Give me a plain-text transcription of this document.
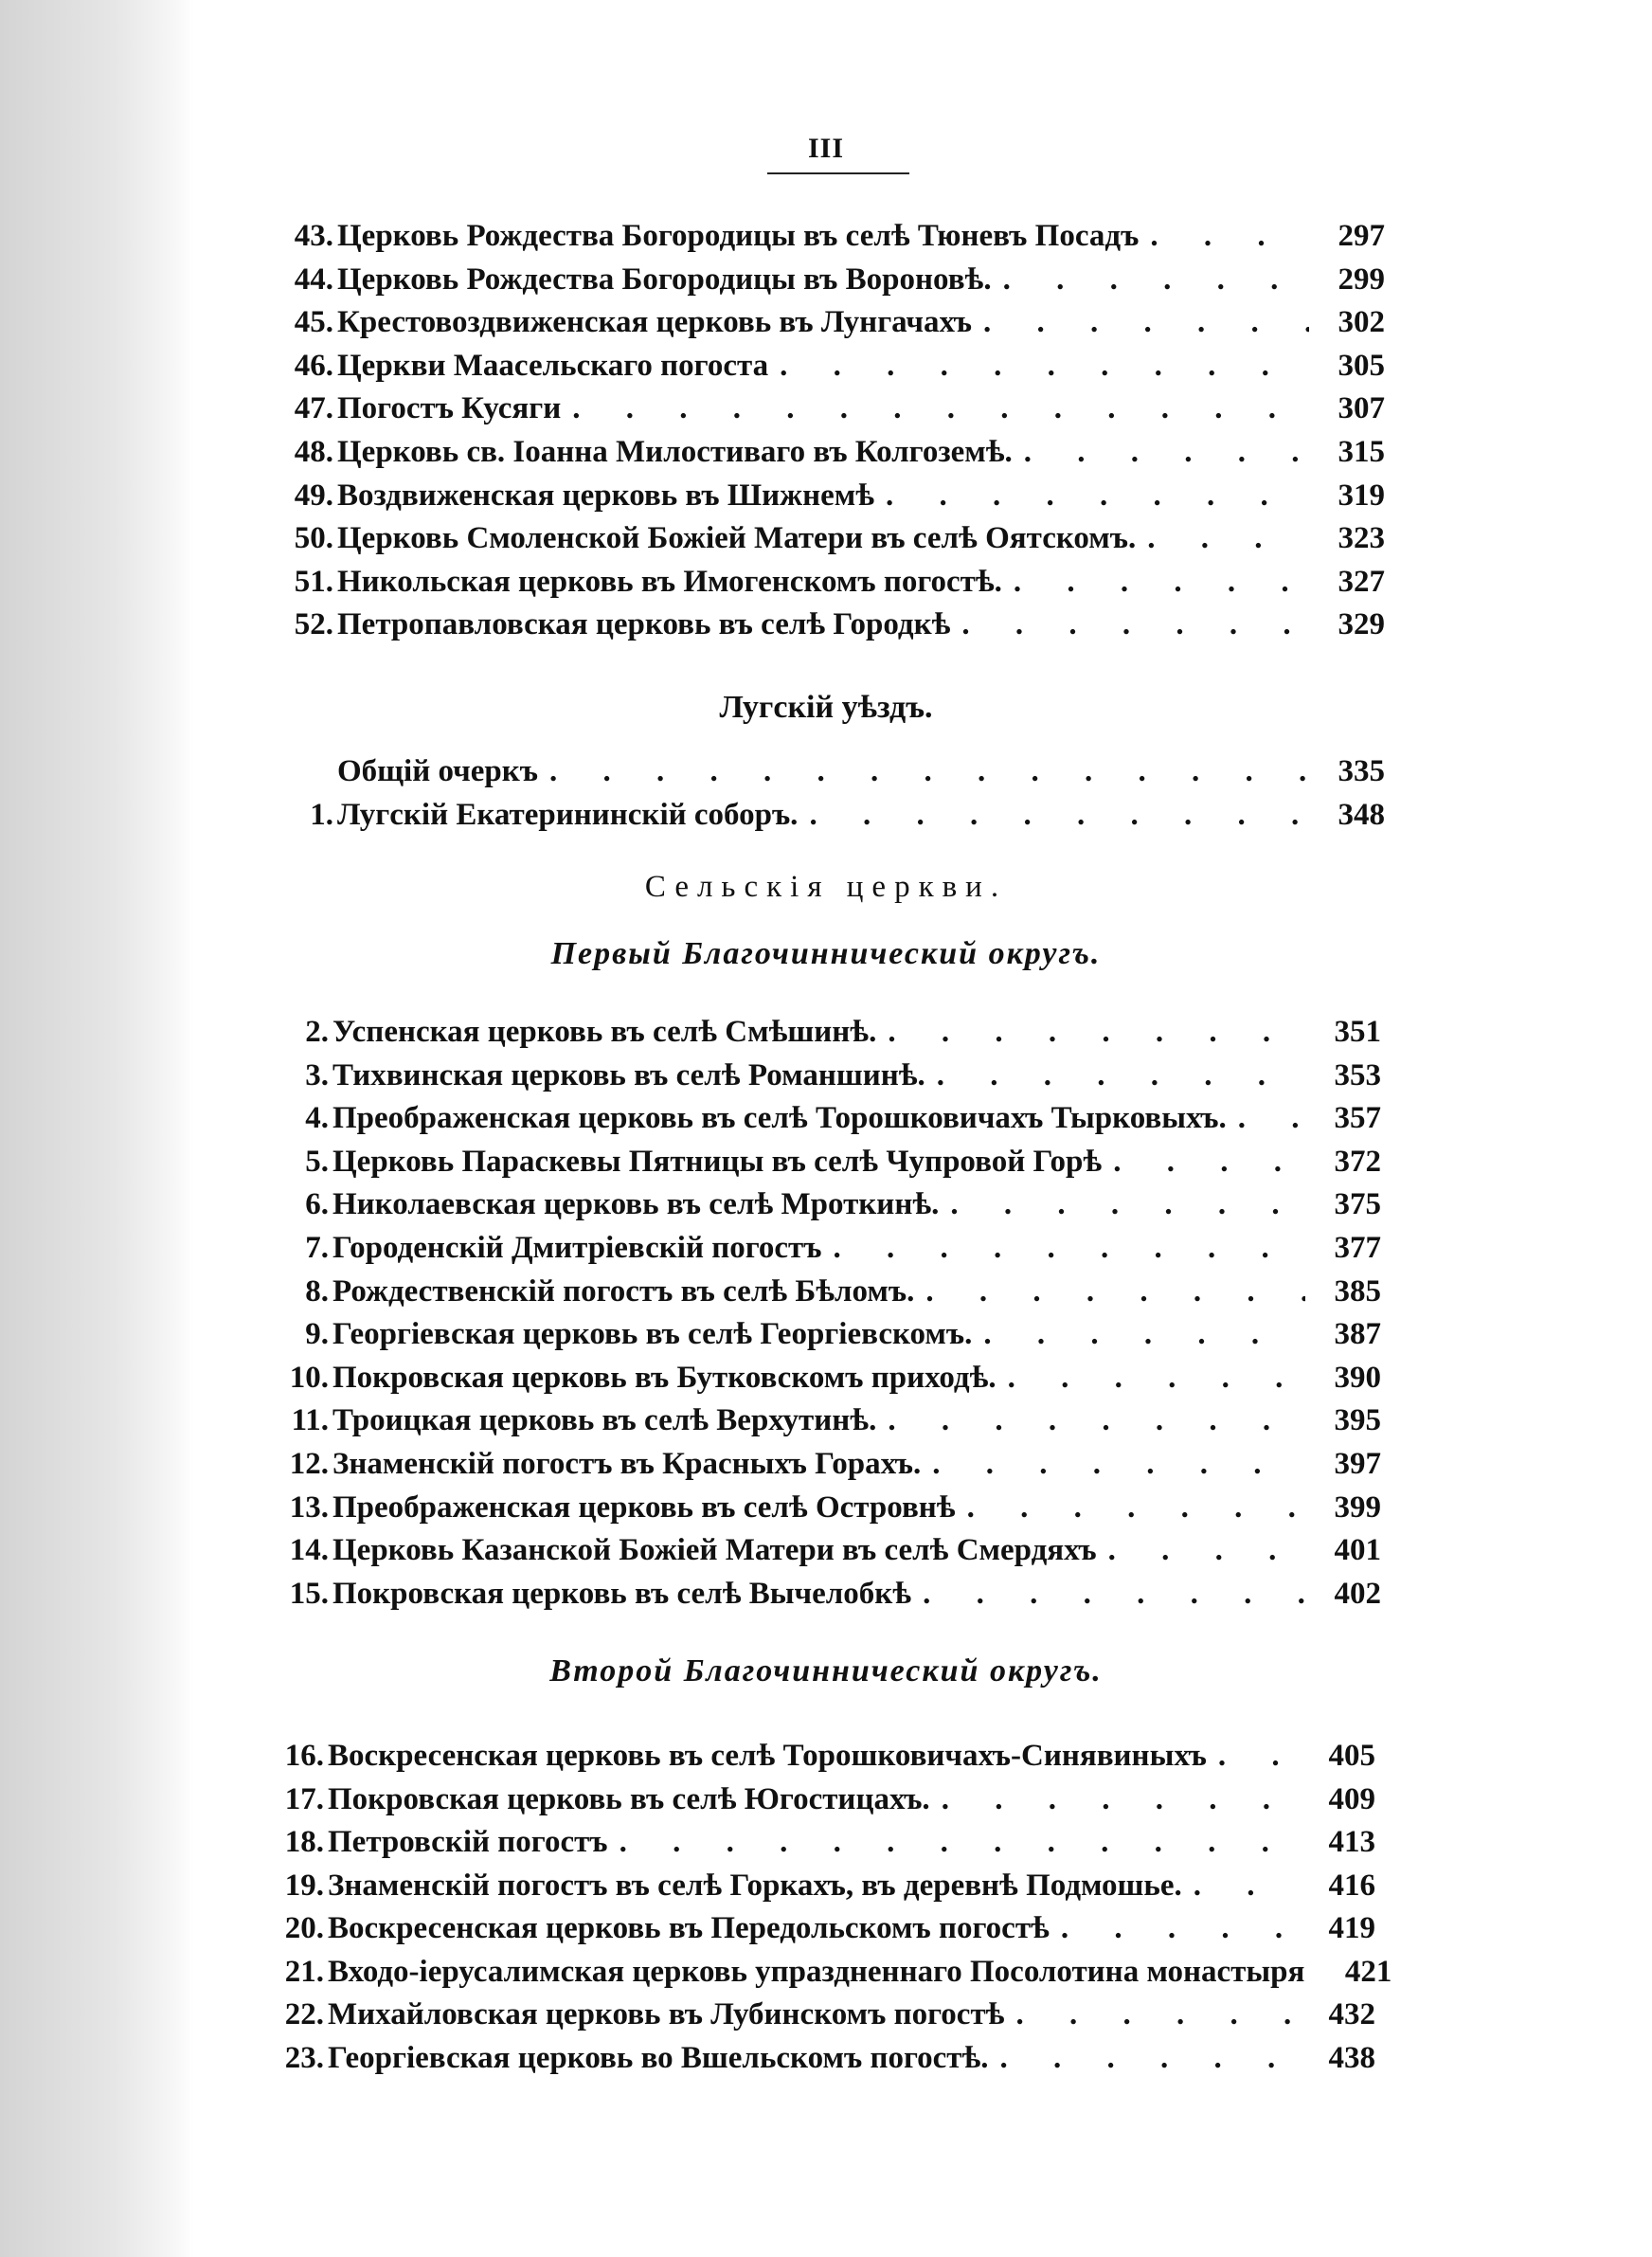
III
43. Церковь Рождества Богородицы въ селѣ Тюневъ Посадъ . . .	297
44. Церковь Рождества Богородицы въ Вороновѣ. . . .	299
45. Крестовоздвиженская церковь въ Лунгачахъ . . .	302
46. Церкви Маасельскаго погоста . . .	305
47. Погостъ Кусяги . . .	307
48. Церковь св. Іоанна Милостиваго въ Колгоземѣ. . . .	315
49. Воздвиженская церковь въ Шижнемѣ . . .	319
50. Церковь Смоленской Божіей Матери въ селѣ Оятскомъ. . . .	323
51. Никольская церковь въ Имогенскомъ погостѣ. . . .	327
52. Петропавловская церковь въ селѣ Городкѣ . . .	329
Общій очеркъ . . .	335
1. Лугскій Екатерининскій соборъ. . . .	348
2. Успенская церковь въ селѣ Смѣшинѣ. . . .	351
3. Тихвинская церковь въ селѣ Романшинѣ. . . .	353
4. Преображенская церковь въ селѣ Торошковичахъ Тырковыхъ. . . .	357
5. Церковь Параскевы Пятницы въ селѣ Чупровой Горѣ . . .	372
6. Николаевская церковь въ селѣ Мроткинѣ. . . .	375
7. Городенскій Дмитріевскій погостъ . . .	377
8. Рождественскій погостъ въ селѣ Бѣломъ. . . .	385
9. Георгіевская церковь въ селѣ Георгіевскомъ. . . .	387
10. Покровская церковь въ Бутковскомъ приходѣ. . . .	390
11. Троицкая церковь въ селѣ Верхутинѣ. . . .	395
12. Знаменскій погостъ въ Красныхъ Горахъ. . . .	397
13. Преображенская церковь въ селѣ Островнѣ . . .	399
14. Церковь Казанской Божіей Матери въ селѣ Смердяхъ . . .	401
15. Покровская церковь въ селѣ Вычелобкѣ . . .	402
16. Воскресенская церковь въ селѣ Торошковичахъ-Синявиныхъ . . .	405
17. Покровская церковь въ селѣ Югостицахъ. . . .	409
18. Петровскій погостъ . . .	413
19. Знаменскій погостъ въ селѣ Горкахъ, въ деревнѣ Подмошье. . . .	416
20. Воскресенская церковь въ Передольскомъ погостѣ . . .	419
21. Входо-іерусалимская церковь упраздненнаго Посолотина монастыря	421
22. Михайловская церковь въ Лубинскомъ погостѣ . . .	432
23. Георгіевская церковь во Вшельскомъ погостѣ. . . .	438
Лугскій уѣздъ.
Сельскія церкви.
Первый Благочиннический округъ.
Второй Благочиннический округъ.
